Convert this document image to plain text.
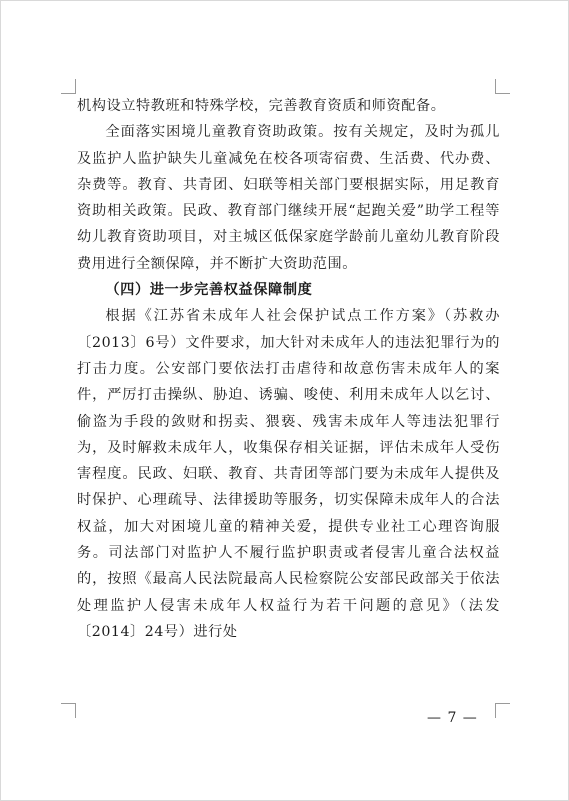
机构设立特教班和特殊学校，完善教育资质和师资配备。

全面落实困境儿童教育资助政策。按有关规定，及时为孤儿及监护人监护缺失儿童减免在校各项寄宿费、生活费、代办费、杂费等。教育、共青团、妇联等相关部门要根据实际，用足教育资助相关政策。民政、教育部门继续开展“起跑关爱”助学工程等幼儿教育资助项目，对主城区低保家庭学龄前儿童幼儿教育阶段费用进行全额保障，并不断扩大资助范围。

（四）进一步完善权益保障制度

根据《江苏省未成年人社会保护试点工作方案》（苏救办〔2013〕6号）文件要求，加大针对未成年人的违法犯罪行为的打击力度。公安部门要依法打击虐待和故意伤害未成年人的案件，严厉打击操纵、胁迫、诱骗、唆使、利用未成年人以乞讨、偷盗为手段的敛财和拐卖、猥亵、残害未成年人等违法犯罪行为，及时解救未成年人，收集保存相关证据，评估未成年人受伤害程度。民政、妇联、教育、共青团等部门要为未成年人提供及时保护、心理疏导、法律援助等服务，切实保障未成年人的合法权益，加大对困境儿童的精神关爱，提供专业社工心理咨询服务。司法部门对监护人不履行监护职责或者侵害儿童合法权益的，按照《最高人民法院最高人民检察院公安部民政部关于依法处理监护人侵害未成年人权益行为若干问题的意见》（法发〔2014〕24号）进行处

— 7 —
